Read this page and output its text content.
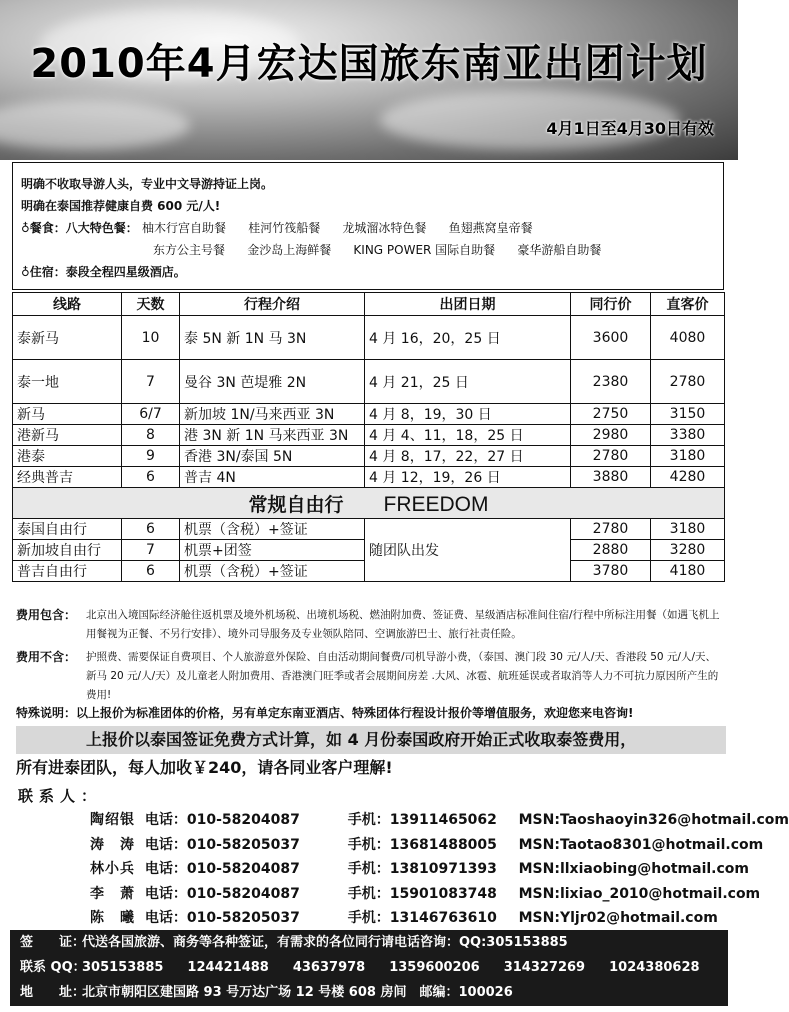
2010年4月宏达国旅东南亚出团计划
4月1日至4月30日有效
明确不收取导游人头，专业中文导游持证上岗。
明确在泰国推荐健康自费 600 元/人!
♁餐食：八大特色餐： 柚木行宫自助餐 桂河竹筏船餐 龙城溜冰特色餐 鱼翅燕窝皇帝餐
东方公主号餐 金沙岛上海鲜餐 KING POWER 国际自助餐 豪华游船自助餐
♁住宿：泰段全程四星级酒店。
线路	天数	行程介绍	出团日期	同行价	直客价
泰新马	10	泰 5N 新 1N 马 3N	4 月 16，20，25 日	3600	4080
泰一地	7	曼谷 3N 芭堤雅 2N	4 月 21，25 日	2380	2780
新马	6/7	新加坡 1N/马来西亚 3N	4 月 8，19，30 日	2750	3150
港新马	8	港 3N 新 1N 马来西亚 3N	4 月 4、11，18，25 日	2980	3380
港泰	9	香港 3N/泰国 5N	4 月 8，17，22，27 日	2780	3180
经典普吉	6	普吉 4N	4 月 12，19，26 日	3880	4280
常规自由行 FREEDOM					
泰国自由行	6	机票（含税）+签证	随团队出发	2780	3180
新加坡自由行	7	机票+团签		2880	3280
普吉自由行	6	机票（含税）+签证		3780	4180
费用包含： 北京出入境国际经济舱往返机票及境外机场税、出境机场税、燃油附加费、签证费、星级酒店标准间住宿/行程中所标注用餐（如遇飞机上用餐视为正餐、不另行安排）、境外司导服务及专业领队陪同、空调旅游巴士、旅行社责任险。
费用不含： 护照费、需要保证自费项目、个人旅游意外保险、自由活动期间餐费/司机导游小费，（泰国、澳门段 30 元/人/天、香港段 50 元/人/天、新马 20 元/人/天）及儿童老人附加费用、香港澳门旺季或者会展期间房差 .大风、冰雹、航班延误或者取消等人力不可抗力原因所产生的费用!
特殊说明：以上报价为标准团体的价格，另有单定东南亚酒店、特殊团体行程设计报价等增值服务，欢迎您来电咨询!
上报价以泰国签证免费方式计算，如 4 月份泰国政府开始正式收取泰签费用，
所有进泰团队，每人加收￥240，请各同业客户理解!
联系人：
陶绍银 电话：010-58204087	手机：13911465062 MSN:Taoshaoyin326@hotmail.com
涛　涛 电话：010-58205037	手机：13681488005 MSN:Taotao8301@hotmail.com
林小兵 电话：010-58204087	手机：13810971393 MSN:llxiaobing@hotmail.com
李　萧 电话：010-58204087	手机：15901083748 MSN:lixiao_2010@hotmail.com
陈　曦 电话：010-58205037	手机：13146763610 MSN:Yljr02@hotmail.com
签　　证：代送各国旅游、商务等各种签证，有需求的各位同行请电话咨询：QQ:305153885
联系 QQ：305153885 124421488 43637978 1359600206 314327269 1024380628
地　　址：北京市朝阳区建国路 93 号万达广场 12 号楼 608 房间　邮编：100026
